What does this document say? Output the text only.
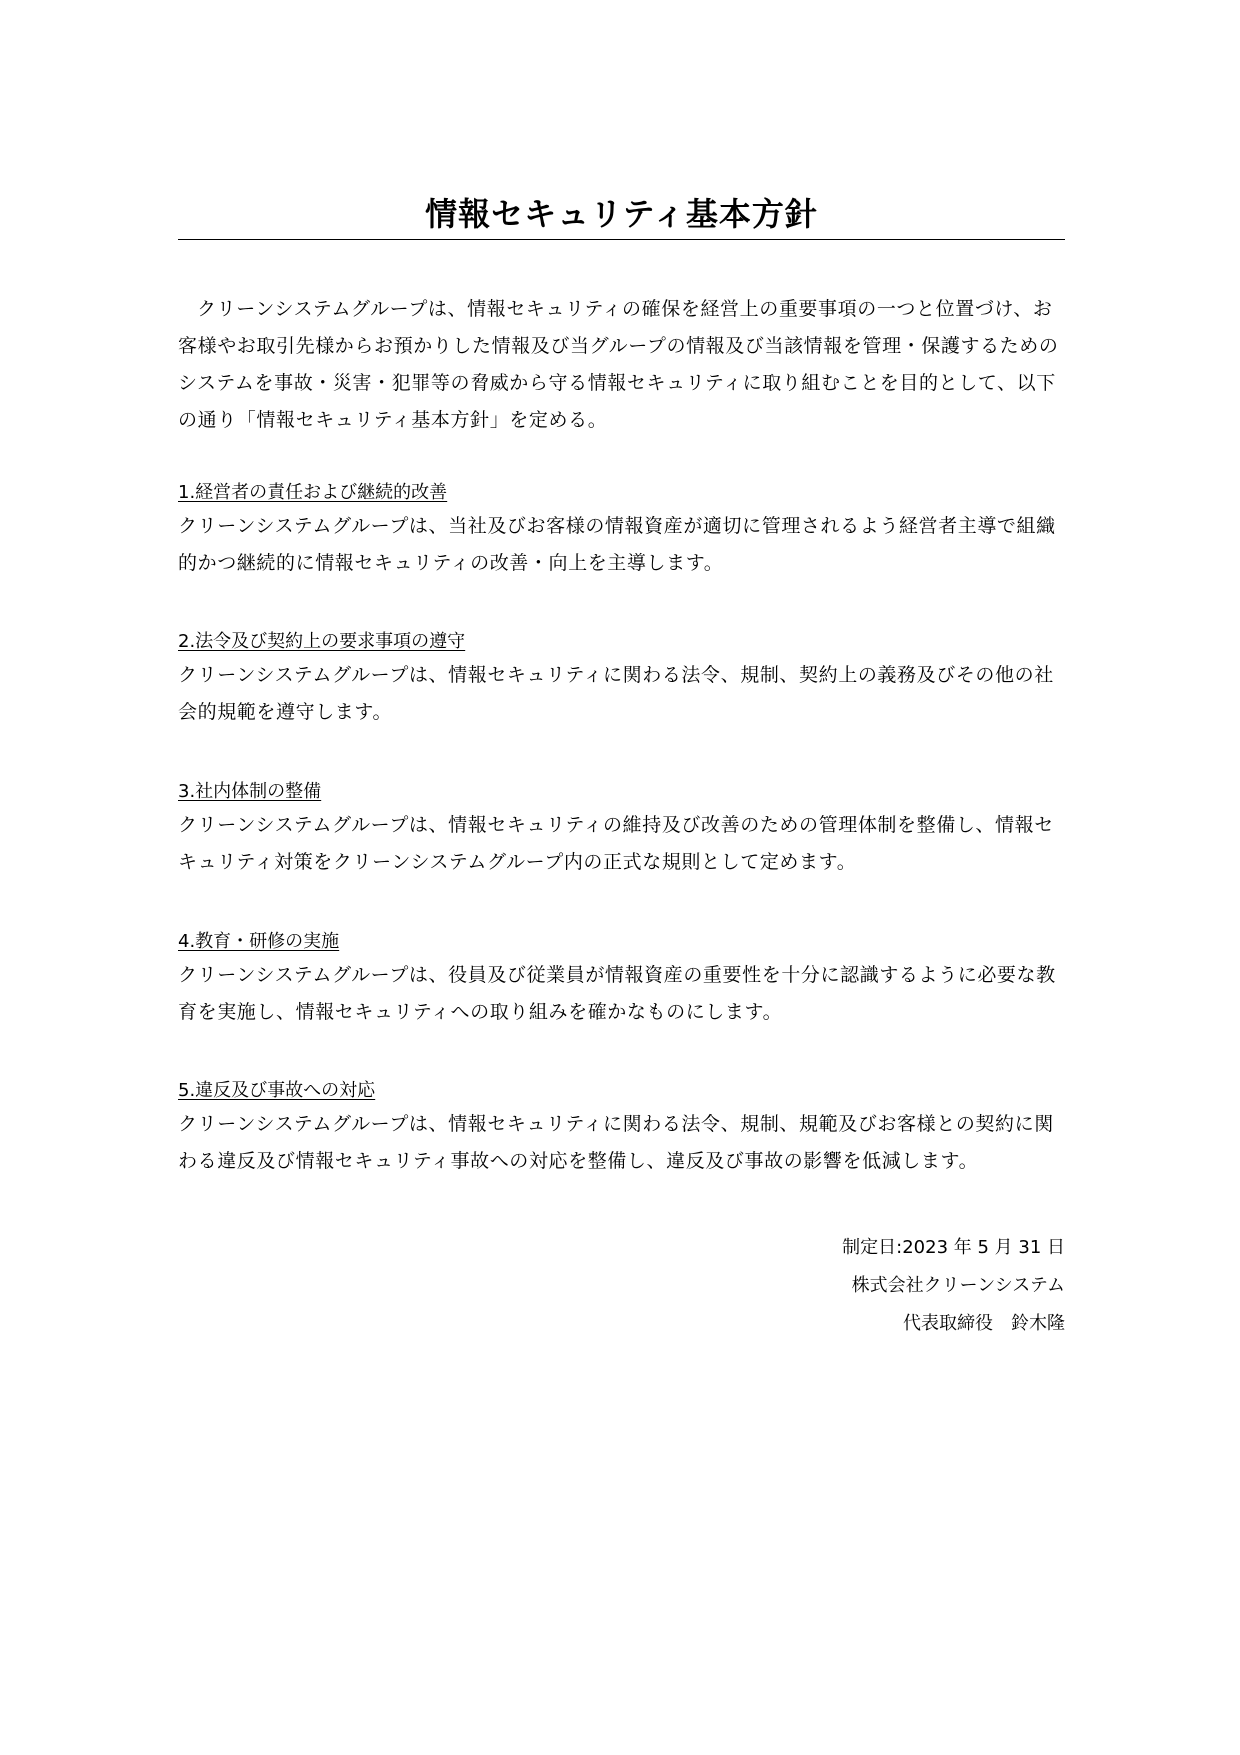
情報セキュリティ基本方針
クリーンシステムグループは、情報セキュリティの確保を経営上の重要事項の一つと位置づけ、お客様やお取引先様からお預かりした情報及び当グループの情報及び当該情報を管理・保護するためのシステムを事故・災害・犯罪等の脅威から守る情報セキュリティに取り組むことを目的として、以下の通り「情報セキュリティ基本方針」を定める。
1.経営者の責任および継続的改善
クリーンシステムグループは、当社及びお客様の情報資産が適切に管理されるよう経営者主導で組織的かつ継続的に情報セキュリティの改善・向上を主導します。
2.法令及び契約上の要求事項の遵守
クリーンシステムグループは、情報セキュリティに関わる法令、規制、契約上の義務及びその他の社会的規範を遵守します。
3.社内体制の整備
クリーンシステムグループは、情報セキュリティの維持及び改善のための管理体制を整備し、情報セキュリティ対策をクリーンシステムグループ内の正式な規則として定めます。
4.教育・研修の実施
クリーンシステムグループは、役員及び従業員が情報資産の重要性を十分に認識するように必要な教育を実施し、情報セキュリティへの取り組みを確かなものにします。
5.違反及び事故への対応
クリーンシステムグループは、情報セキュリティに関わる法令、規制、規範及びお客様との契約に関わる違反及び情報セキュリティ事故への対応を整備し、違反及び事故の影響を低減します。
制定日:2023 年 5 月 31 日
株式会社クリーンシステム
代表取締役　鈴木隆
